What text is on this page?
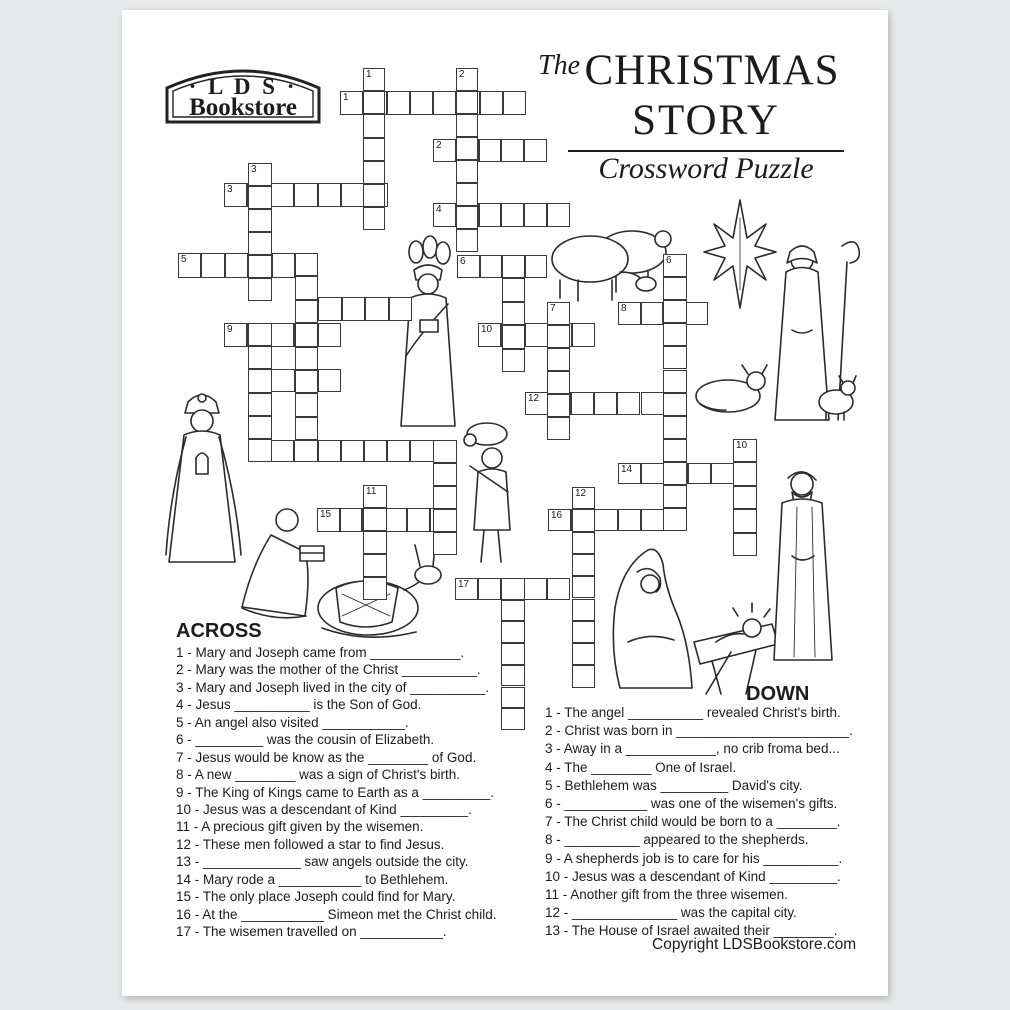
· L D S ·
Bookstore
The CHRISTMAS
STORY
Crossword Puzzle
1
2
3
4
5	6
8
9	10
12
14
15	16
17
1	2
3
6
7
10
11	12
ACROSS
1 - Mary and Joseph came from ____________.
2 - Mary was the mother of the Christ __________.
3 - Mary and Joseph lived in the city of __________.
4 - Jesus __________ is the Son of God.
5 - An angel also visited ___________.
6 - _________ was the cousin of Elizabeth.
7 - Jesus would be know as the ________ of God.
8 - A new ________ was a sign of Christ's birth.
9 - The King of Kings came to Earth as a _________.
10 - Jesus was a descendant of Kind _________.
11 - A precious gift given by the wisemen.
12 - These men followed a star to find Jesus.
13 - _____________ saw angels outside the city.
14 - Mary rode a ___________ to Bethlehem.
15 - The only place Joseph could find for Mary.
16 - At the ___________ Simeon met the Christ child.
17 - The wisemen travelled on ___________.
DOWN
1 - The angel __________ revealed Christ's birth.
2 - Christ was born in _______________________.
3 - Away in a ____________, no crib froma bed...
4 - The ________ One of Israel.
5 - Bethlehem was _________ David's city.
6 - ___________ was one of the wisemen's gifts.
7 - The Christ child would be born to a ________.
8 - __________ appeared to the shepherds.
9 - A shepherds job is to care for his __________.
10 - Jesus was a descendant of Kind _________.
11 - Another gift from the three wisemen.
12 - ______________ was the capital city.
13 - The House of Israel awaited their ________.
Copyright LDSBookstore.com
